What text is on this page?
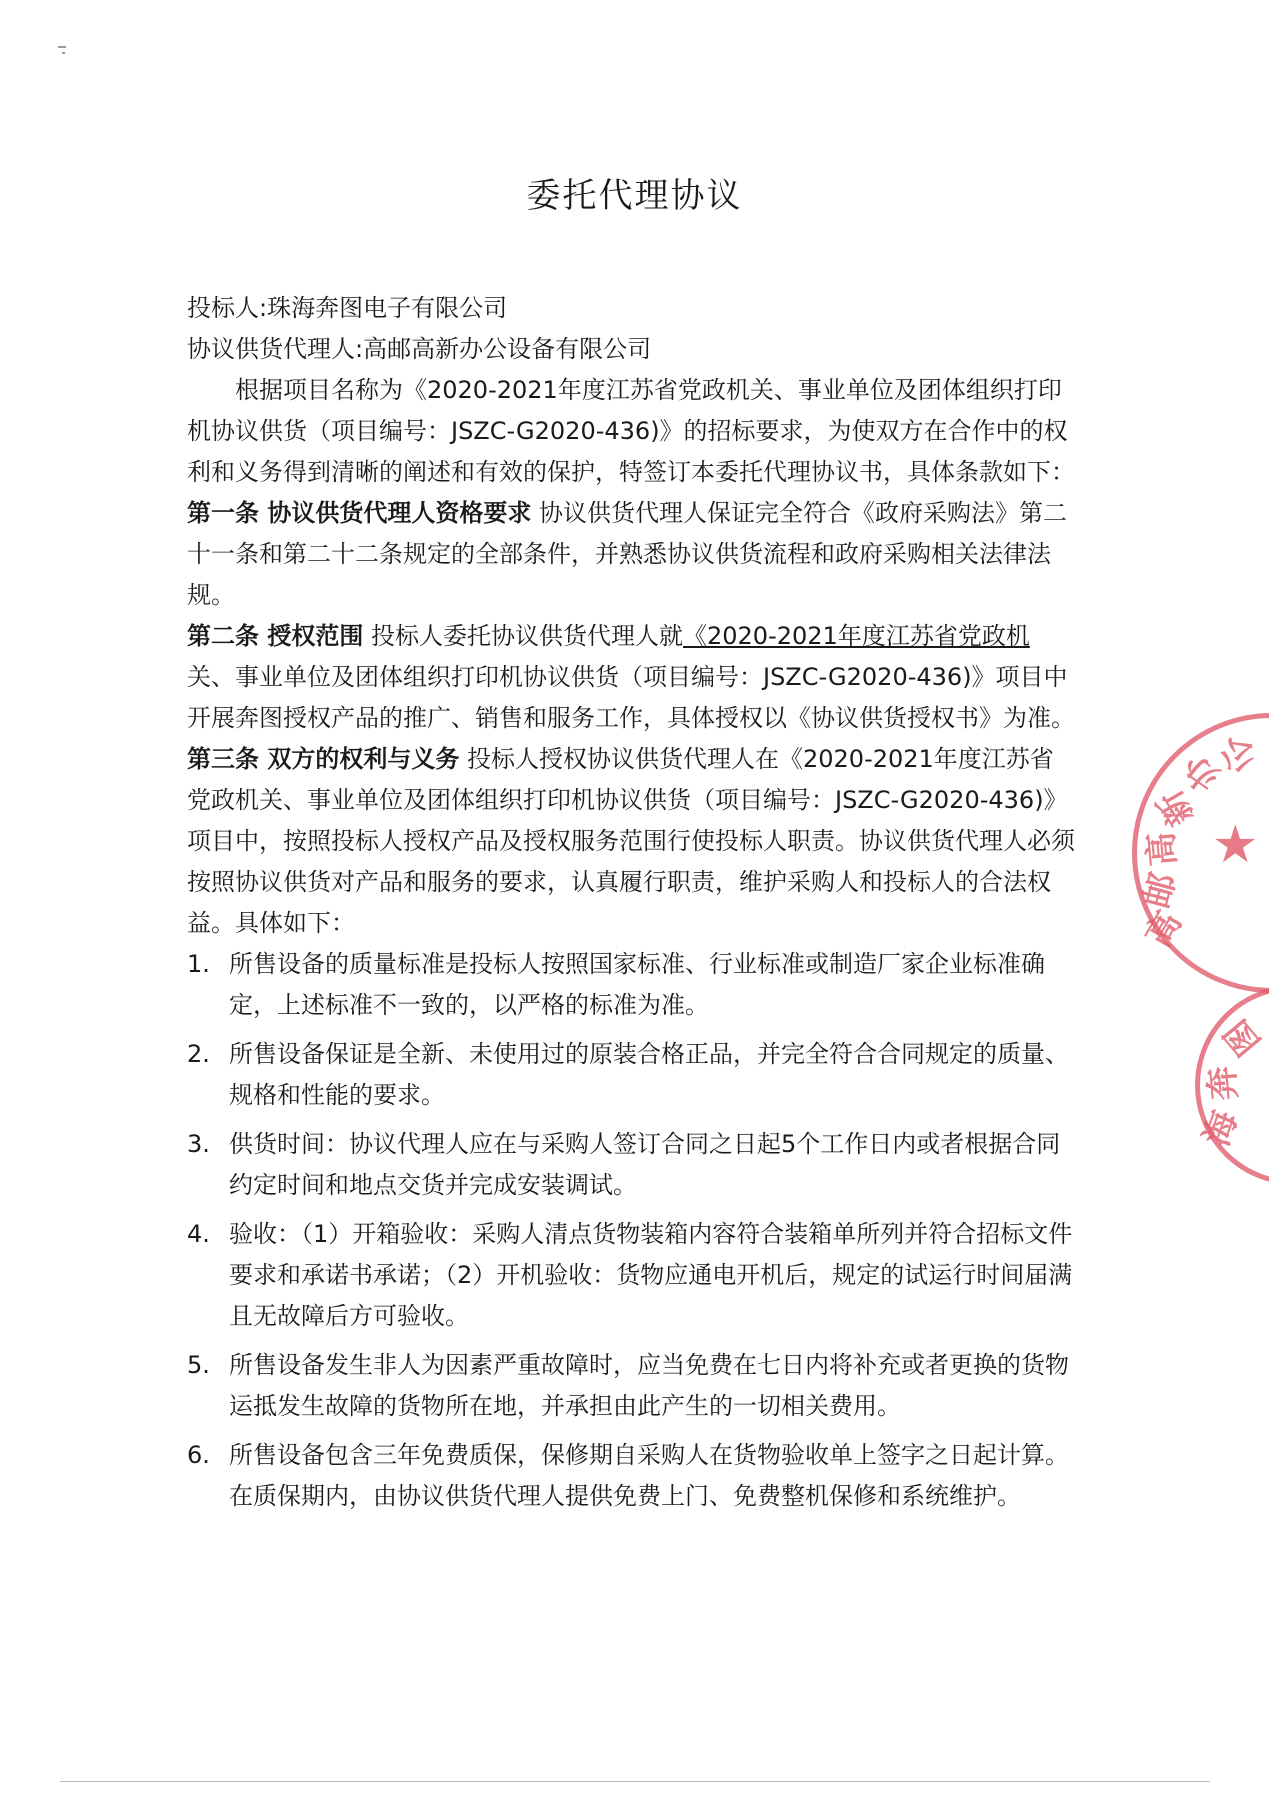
委托代理协议

投标人:珠海奔图电子有限公司

协议供货代理人:高邮高新办公设备有限公司

根据项目名称为《2020-2021年度江苏省党政机关、事业单位及团体组织打印机协议供货（项目编号：JSZC-G2020-436)》的招标要求，为使双方在合作中的权利和义务得到清晰的阐述和有效的保护，特签订本委托代理协议书，具体条款如下：

第一条 协议供货代理人资格要求 协议供货代理人保证完全符合《政府采购法》第二十一条和第二十二条规定的全部条件，并熟悉协议供货流程和政府采购相关法律法规。

第二条 授权范围 投标人委托协议供货代理人就《2020-2021年度江苏省党政机关、事业单位及团体组织打印机协议供货（项目编号：JSZC-G2020-436)》项目中开展奔图授权产品的推广、销售和服务工作，具体授权以《协议供货授权书》为准。

第三条 双方的权利与义务 投标人授权协议供货代理人在《2020-2021年度江苏省党政机关、事业单位及团体组织打印机协议供货（项目编号：JSZC-G2020-436)》项目中，按照投标人授权产品及授权服务范围行使投标人职责。协议供货代理人必须按照协议供货对产品和服务的要求，认真履行职责，维护采购人和投标人的合法权益。具体如下：

1. 所售设备的质量标准是投标人按照国家标准、行业标准或制造厂家企业标准确定，上述标准不一致的，以严格的标准为准。
2. 所售设备保证是全新、未使用过的原装合格正品，并完全符合合同规定的质量、规格和性能的要求。
3. 供货时间：协议代理人应在与采购人签订合同之日起5个工作日内或者根据合同约定时间和地点交货并完成安装调试。
4. 验收：（1）开箱验收：采购人清点货物装箱内容符合装箱单所列并符合招标文件要求和承诺书承诺；（2）开机验收：货物应通电开机后，规定的试运行时间届满且无故障后方可验收。
5. 所售设备发生非人为因素严重故障时，应当免费在七日内将补充或者更换的货物运抵发生故障的货物所在地，并承担由此产生的一切相关费用。
6. 所售设备包含三年免费质保，保修期自采购人在货物验收单上签字之日起计算。在质保期内，由协议供货代理人提供免费上门、免费整机保修和系统维护。
高
邮
高
新
办
公
★
海
奔
图
